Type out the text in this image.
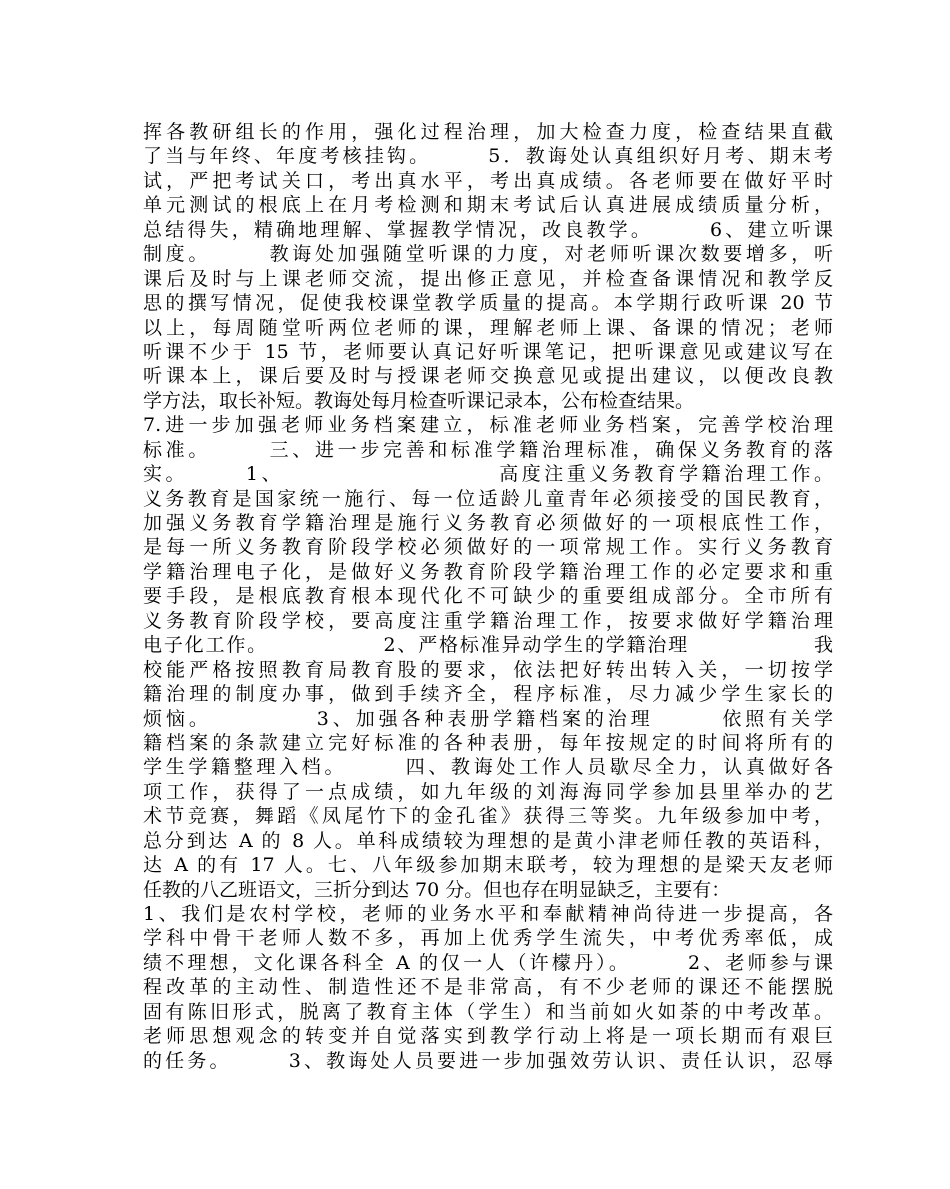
挥各教研组长的作用，强化过程治理，加大检查力度，检查结果直截
了当与年终、年度考核挂钩。　　　5．教诲处认真组织好月考、期末考
试，严把考试关口，考出真水平，考出真成绩。各老师要在做好平时
单元测试的根底上在月考检测和期末考试后认真进展成绩质量分析，
总结得失，精确地理解、掌握教学情况，改良教学。　　　6、建立听课
制度。　　　教诲处加强随堂听课的力度，对老师听课次数要增多，听
课后及时与上课老师交流，提出修正意见，并检查备课情况和教学反
思的撰写情况，促使我校课堂教学质量的提高。本学期行政听课 20 节
以上，每周随堂听两位老师的课，理解老师上课、备课的情况；老师
听课不少于 15 节，老师要认真记好听课笔记，把听课意见或建议写在
听课本上，课后要及时与授课老师交换意见或提出建议，以便改良教
学方法，取长补短。教诲处每月检查听课记录本，公布检查结果。
7.进一步加强老师业务档案建立，标准老师业务档案，完善学校治理
标准。　　　三、进一步完善和标准学籍治理标准，确保义务教育的落
实。　　　1、　　　　　　　　　　高度注重义务教育学籍治理工作。
义务教育是国家统一施行、每一位适龄儿童青年必须接受的国民教育，
加强义务教育学籍治理是施行义务教育必须做好的一项根底性工作，
是每一所义务教育阶段学校必须做好的一项常规工作。实行义务教育
学籍治理电子化，是做好义务教育阶段学籍治理工作的必定要求和重
要手段，是根底教育根本现代化不可缺少的重要组成部分。全市所有
义务教育阶段学校，要高度注重学籍治理工作，按要求做好学籍治理
电子化工作。　　　　　　2、严格标准异动学生的学籍治理　　　　　　我
校能严格按照教育局教育股的要求，依法把好转出转入关，一切按学
籍治理的制度办事，做到手续齐全，程序标准，尽力减少学生家长的
烦恼。　　　　　3、加强各种表册学籍档案的治理　　　依照有关学
籍档案的条款建立完好标准的各种表册，每年按规定的时间将所有的
学生学籍整理入档。　　　四、教诲处工作人员歇尽全力，认真做好各
项工作，获得了一点成绩，如九年级的刘海海同学参加县里举办的艺
术节竞赛，舞蹈《凤尾竹下的金孔雀》获得三等奖。九年级参加中考，
总分到达 A 的 8 人。单科成绩较为理想的是黄小津老师任教的英语科，
达 A 的有 17 人。七、八年级参加期末联考，较为理想的是梁天友老师
任教的八乙班语文，三折分到达 70 分。但也存在明显缺乏，主要有：
1、我们是农村学校，老师的业务水平和奉献精神尚待进一步提高，各
学科中骨干老师人数不多，再加上优秀学生流失，中考优秀率低，成
绩不理想，文化课各科全 A 的仅一人（许檬丹）。　　　2、老师参与课
程改革的主动性、制造性还不是非常高，有不少老师的课还不能摆脱
固有陈旧形式，脱离了教育主体（学生）和当前如火如荼的中考改革。
老师思想观念的转变并自觉落实到教学行动上将是一项长期而有艰巨
的任务。　　　3、教诲处人员要进一步加强效劳认识、责任认识，忍辱
